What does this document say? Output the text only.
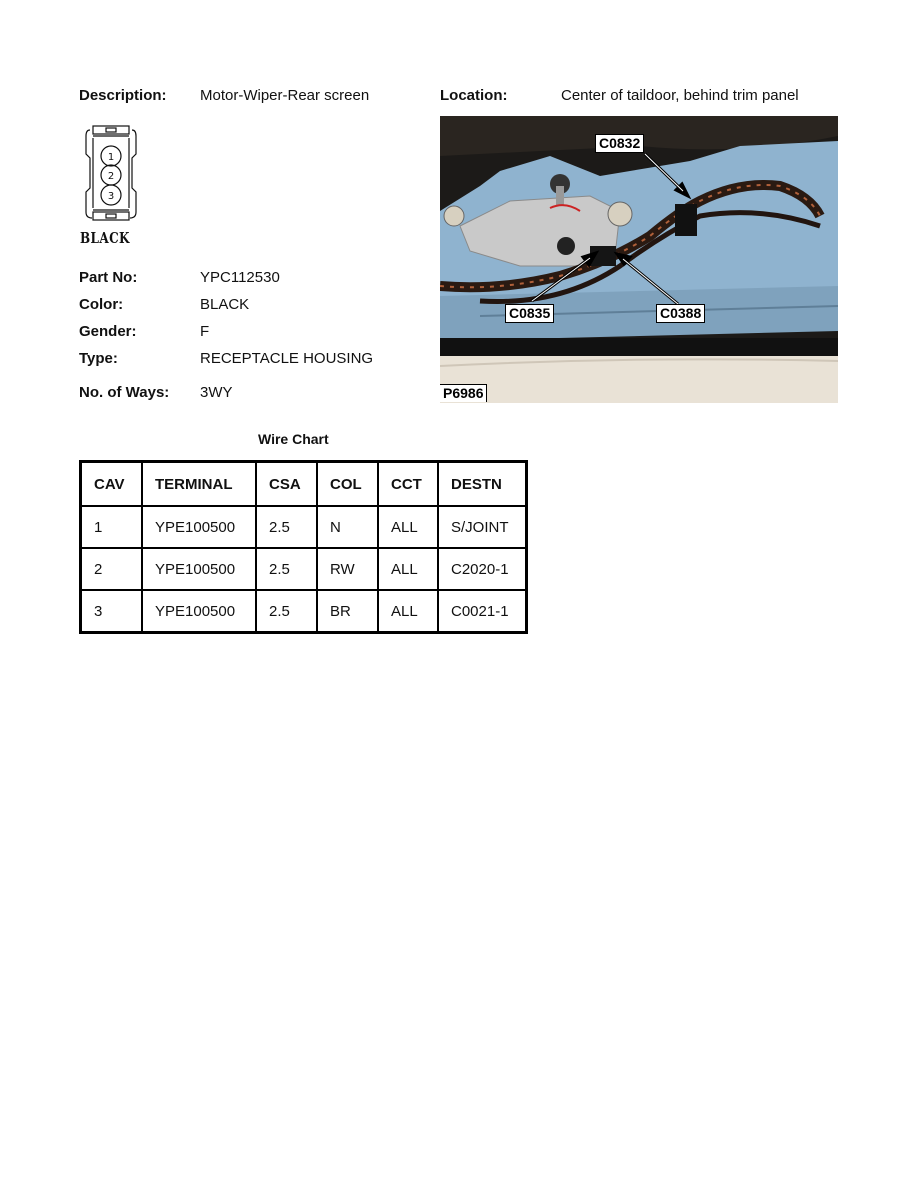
Description: Motor-Wiper-Rear screen	Location:	Center of taildoor, behind trim panel
1
2
3
BLACK
Part No:	YPC112530
Color:	BLACK
Gender:	F
Type:	RECEPTACLE HOUSING
No. of Ways: 3WY
C0832
C0835	C0388
P6986
Wire Chart
CAV	TERMINAL	CSA	COL	CCT	DESTN
1	YPE100500	2.5	N	ALL	S/JOINT
2	YPE100500	2.5	RW	ALL	C2020-1
3	YPE100500	2.5	BR	ALL	C0021-1
